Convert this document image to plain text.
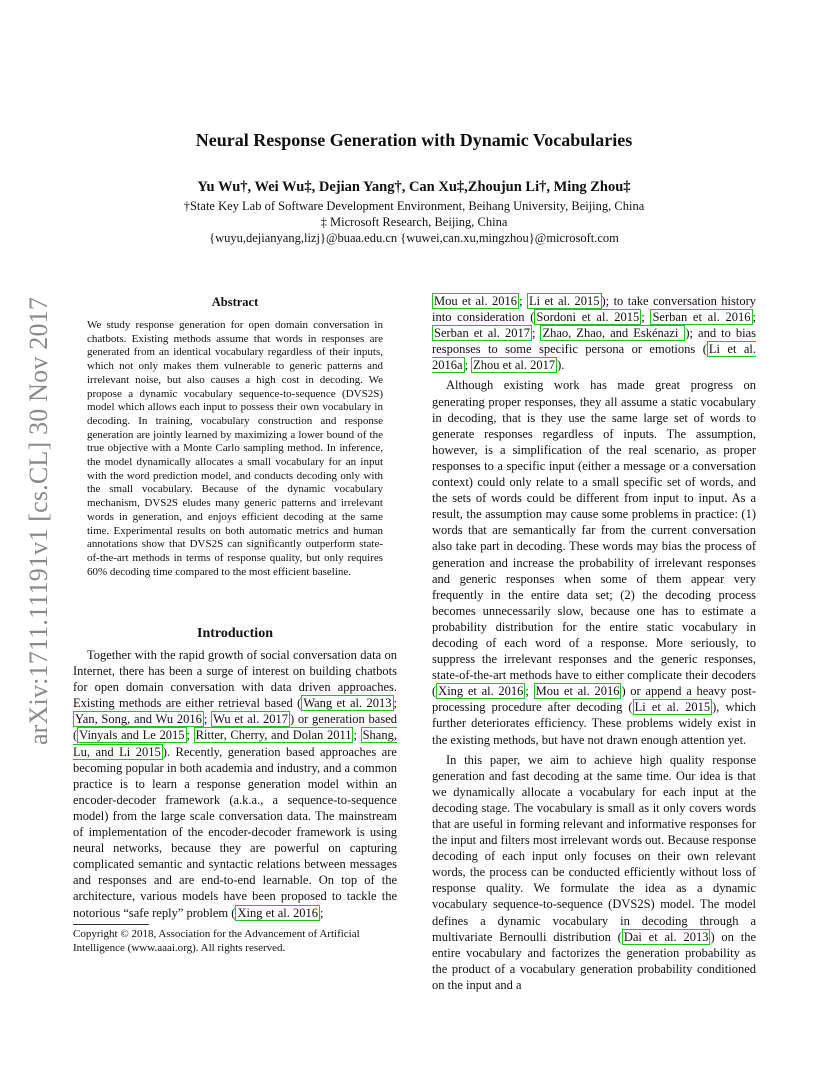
Neural Response Generation with Dynamic Vocabularies
Yu Wu†, Wei Wu‡, Dejian Yang†, Can Xu‡,Zhoujun Li†, Ming Zhou‡
†State Key Lab of Software Development Environment, Beihang University, Beijing, China
‡ Microsoft Research, Beijing, China
{wuyu,dejianyang,lizj}@buaa.edu.cn {wuwei,can.xu,mingzhou}@microsoft.com
arXiv:1711.11191v1 [cs.CL] 30 Nov 2017	Abstract
We study response generation for open domain conversation in chatbots. Existing methods assume that words in responses are generated from an identical vocabulary regardless of their inputs, which not only makes them vulnerable to generic patterns and irrelevant noise, but also causes a high cost in decoding. We propose a dynamic vocabulary sequence-to-sequence (DVS2S) model which allows each input to possess their own vocabulary in decoding. In training, vocabulary construction and response generation are jointly learned by maximizing a lower bound of the true objective with a Monte Carlo sampling method. In inference, the model dynamically allocates a small vocabulary for an input with the word prediction model, and conducts decoding only with the small vocabulary. Because of the dynamic vocabulary mechanism, DVS2S eludes many generic patterns and irrelevant words in generation, and enjoys efficient decoding at the same time. Experimental results on both automatic metrics and human annotations show that DVS2S can significantly outperform state-of-the-art methods in terms of response quality, but only requires 60% decoding time compared to the most efficient baseline.
Introduction

Together with the rapid growth of social conversation data on Internet, there has been a surge of interest on building chatbots for open domain conversation with data driven approaches. Existing methods are either retrieval based ( Wang et al. 2013 ; Yan, Song, and Wu 2016 ; Wu et al. 2017 ) or generation based ( Vinyals and Le 2015 ; Ritter, Cherry, and Dolan 2011 ; Shang, Lu, and Li 2015 ). Recently, generation based approaches are becoming popular in both academia and industry, and a common practice is to learn a response generation model within an encoder-decoder framework (a.k.a., a sequence-to-sequence model) from the large scale conversation data. The mainstream of implementation of the encoder-decoder framework is using neural networks, because they are powerful on capturing complicated semantic and syntactic relations between messages and responses and are end-to-end learnable. On top of the architecture, various models have been proposed to tackle the notorious “safe reply” problem ( Xing et al. 2016 ;

Copyright © 2018, Association for the Advancement of Artificial Intelligence (www.aaai.org). All rights reserved.

Mou et al. 2016 ; Li et al. 2015 ); to take conversation history into consideration ( Sordoni et al. 2015 ; Serban et al. 2016 ; Serban et al. 2017 ; Zhao, Zhao, and Eskénazi ); and to bias responses to some specific persona or emotions ( Li et al. 2016a ; Zhou et al. 2017 ).

Although existing work has made great progress on generating proper responses, they all assume a static vocabulary in decoding, that is they use the same large set of words to generate responses regardless of inputs. The assumption, however, is a simplification of the real scenario, as proper responses to a specific input (either a message or a conversation context) could only relate to a small specific set of words, and the sets of words could be different from input to input. As a result, the assumption may cause some problems in practice: (1) words that are semantically far from the current conversation also take part in decoding. These words may bias the process of generation and increase the probability of irrelevant responses and generic responses when some of them appear very frequently in the entire data set; (2) the decoding process becomes unnecessarily slow, because one has to estimate a probability distribution for the entire static vocabulary in decoding of each word of a response. More seriously, to suppress the irrelevant responses and the generic responses, state-of-the-art methods have to either complicate their decoders ( Xing et al. 2016 ; Mou et al. 2016 ) or append a heavy post-processing procedure after decoding ( Li et al. 2015 ), which further deteriorates efficiency. These problems widely exist in the existing methods, but have not drawn enough attention yet.

In this paper, we aim to achieve high quality response generation and fast decoding at the same time. Our idea is that we dynamically allocate a vocabulary for each input at the decoding stage. The vocabulary is small as it only covers words that are useful in forming relevant and informative responses for the input and filters most irrelevant words out. Because response decoding of each input only focuses on their own relevant words, the process can be conducted efficiently without loss of response quality. We formulate the idea as a dynamic vocabulary sequence-to-sequence (DVS2S) model. The model defines a dynamic vocabulary in decoding through a multivariate Bernoulli distribution ( Dai et al. 2013 ) on the entire vocabulary and factorizes the generation probability as the product of a vocabulary generation probability conditioned on the input and a
